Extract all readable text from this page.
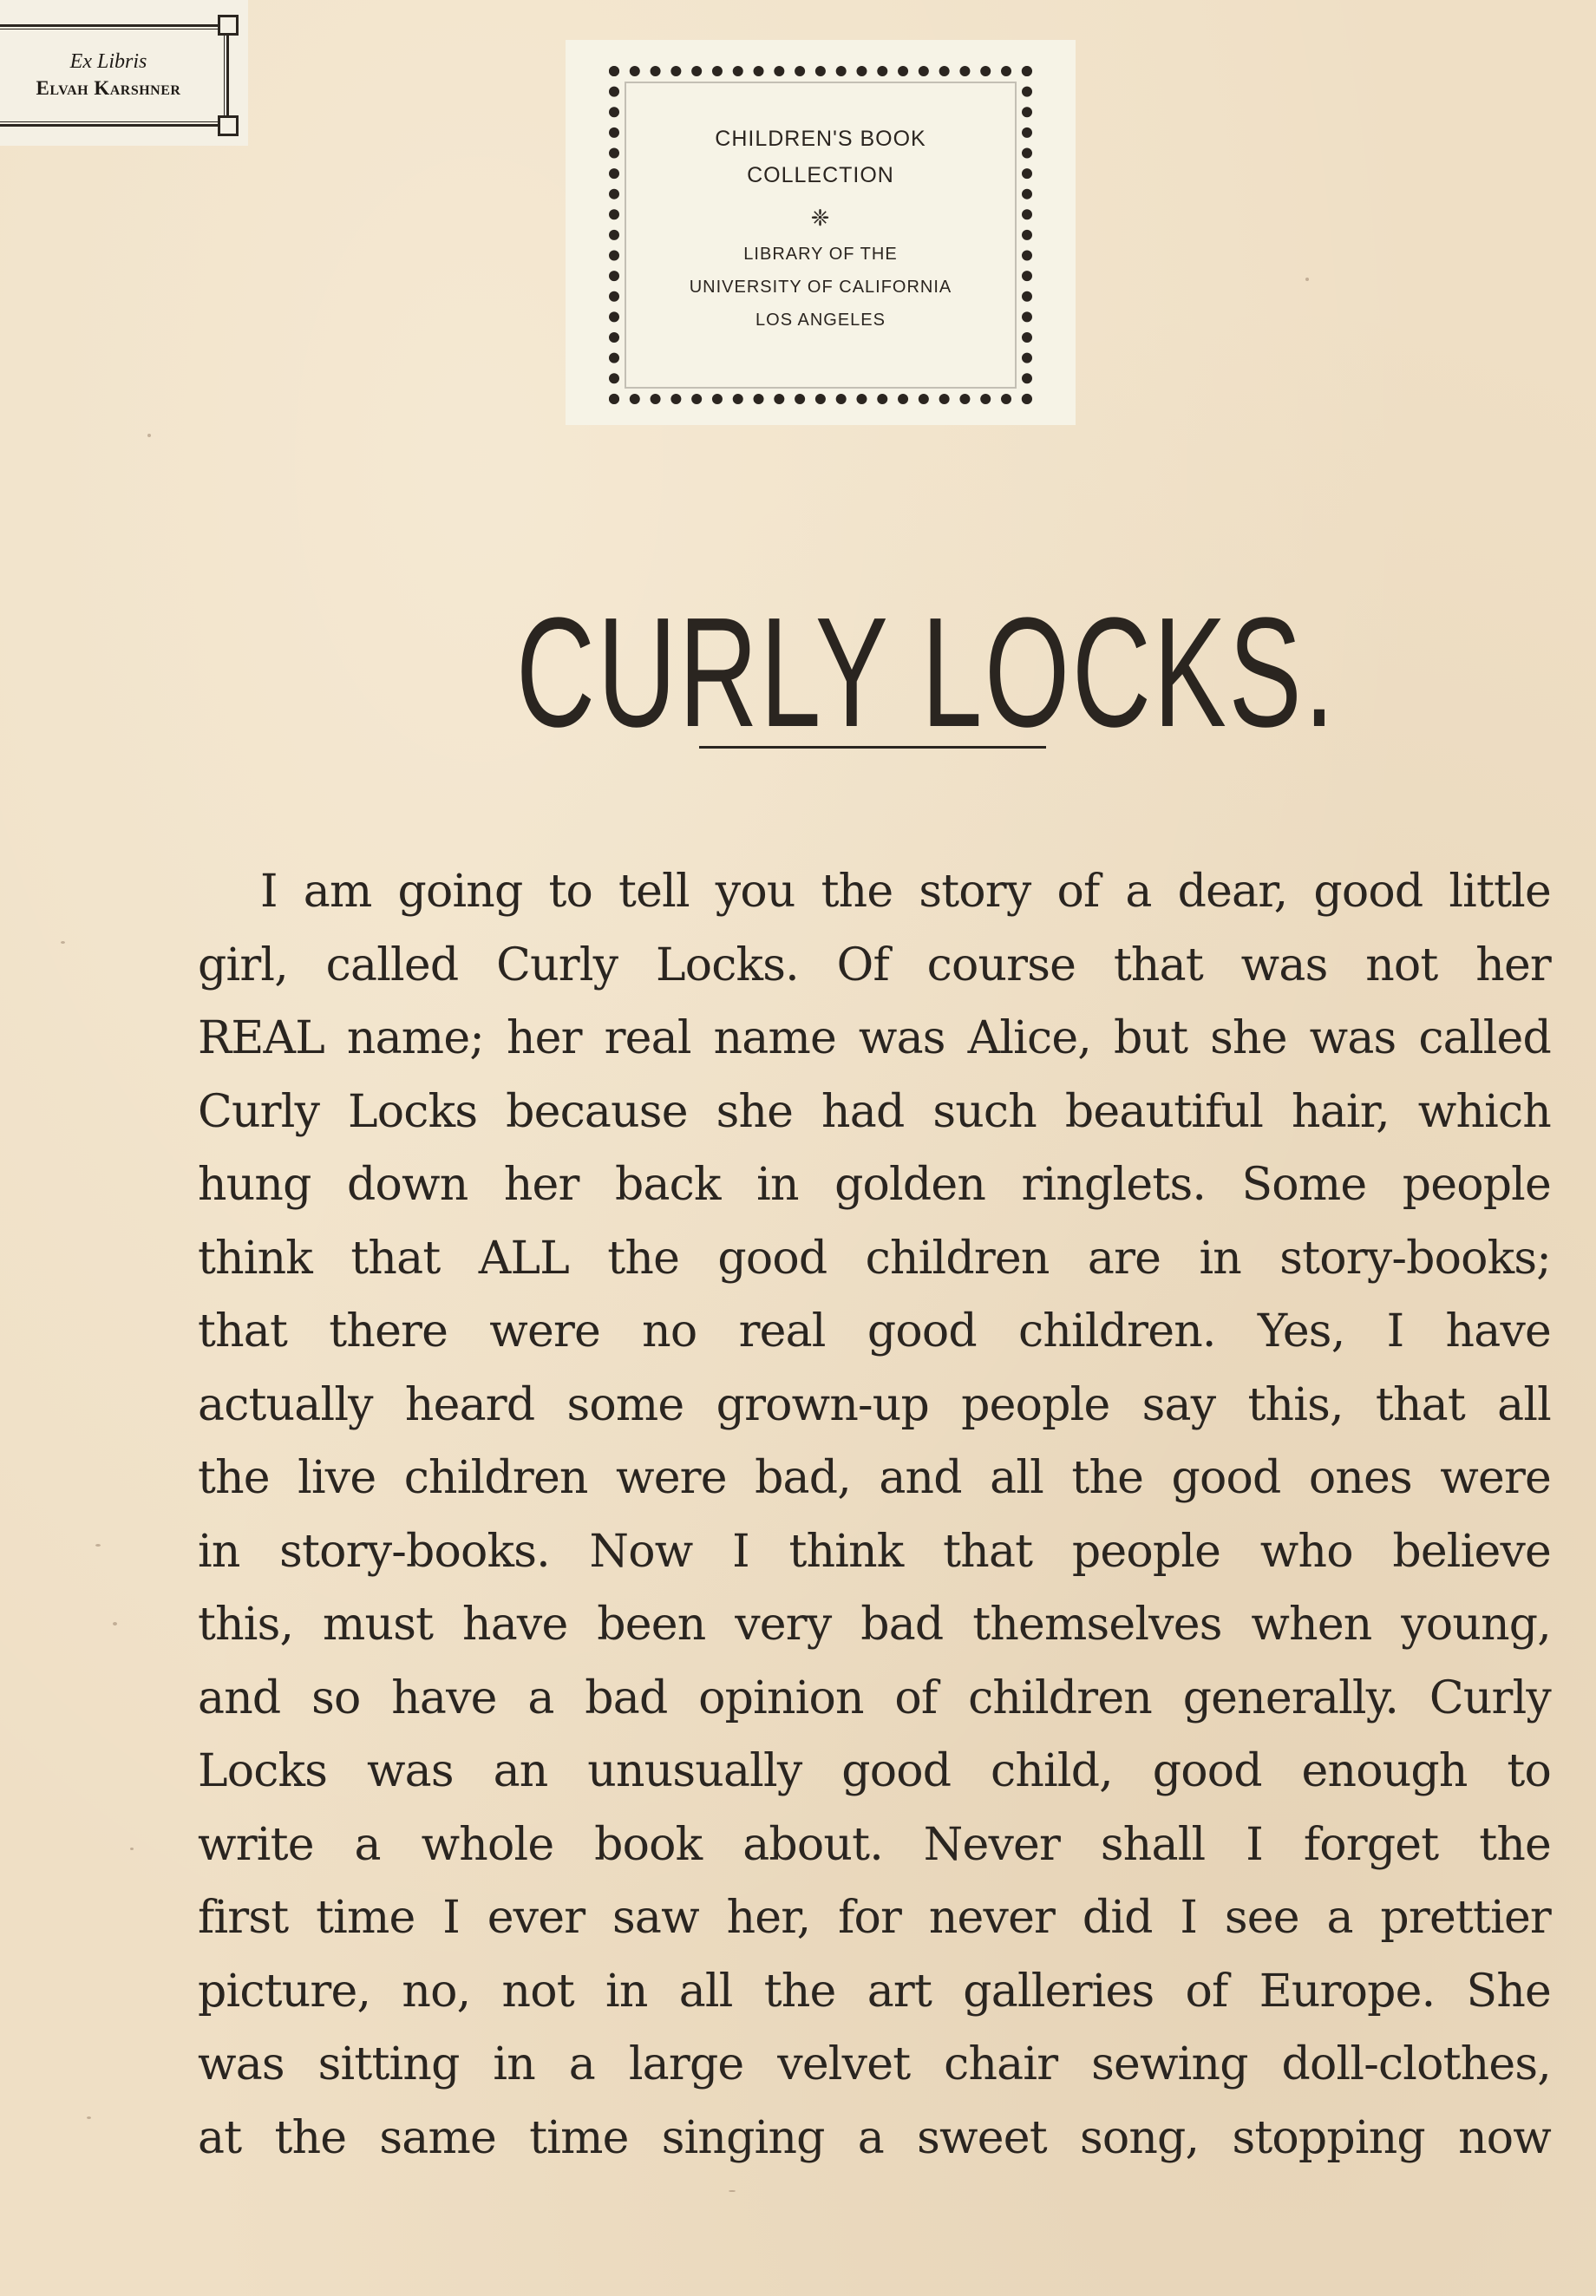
Ex Libris
Elvah Karshner
CHILDREN'S BOOK
COLLECTION
❈
LIBRARY OF THE
UNIVERSITY OF CALIFORNIA
LOS ANGELES
CURLY LOCKS.
I am going to tell you the story of a dear, good little
girl, called Curly Locks. Of course that was not her
REAL name; her real name was Alice, but she was called
Curly Locks because she had such beautiful hair, which
hung down her back in golden ringlets. Some people
think that ALL the good children are in story-books;
that there were no real good children. Yes, I have
actually heard some grown-up people say this, that all
the live children were bad, and all the good ones were
in story-books. Now I think that people who believe
this, must have been very bad themselves when young,
and so have a bad opinion of children generally. Curly
Locks was an unusually good child, good enough to
write a whole book about. Never shall I forget the
first time I ever saw her, for never did I see a prettier
picture, no, not in all the art galleries of Europe. She
was sitting in a large velvet chair sewing doll-clothes,
at the same time singing a sweet song, stopping now
